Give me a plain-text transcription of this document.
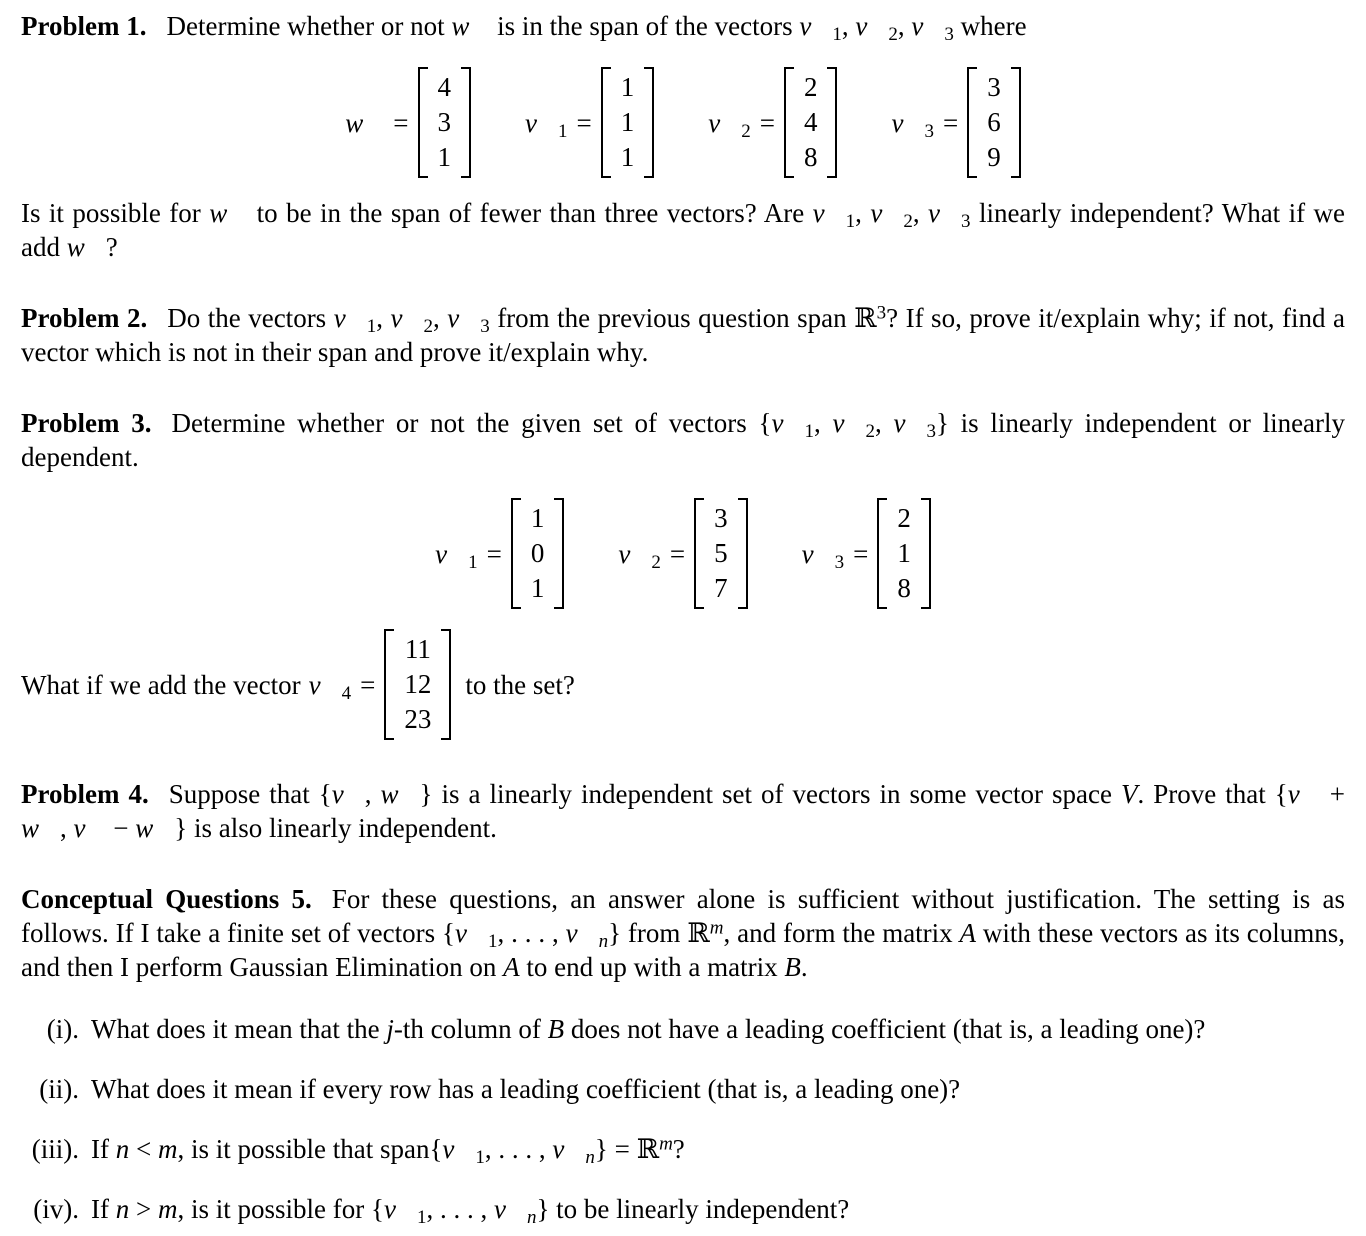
Problem 1. Determine whether or not w⃗ is in the span of the vectors $v⃗_1$, $v⃗_2$, $v⃗_3$ where

w⃗ =
4
3
1
$v⃗_1$ =
1
1
1
$v⃗_2$ =
2
4
8
$v⃗_3$ =
3
6
9

Is it possible for w⃗ to be in the span of fewer than three vectors? Are $v⃗_1$, $v⃗_2$, $v⃗_3$ linearly independent? What if we add w⃗?

Problem 2. Do the vectors $v⃗_1$, $v⃗_2$, $v⃗_3$ from the previous question span ℝ$^3$? If so, prove it/explain why; if not, find a vector which is not in their span and prove it/explain why.

Problem 3. Determine whether or not the given set of vectors {$v⃗_1$, $v⃗_2$, $v⃗_3$} is linearly independent or linearly dependent.

$v⃗_1$ =
1
0
1
$v⃗_2$ =
3
5
7
$v⃗_3$ =
2
1
8
What if we add the vector $v⃗_4$ =
11
12
23
to the set?

Problem 4. Suppose that {v⃗, w⃗} is a linearly independent set of vectors in some vector space V. Prove that {v⃗ + w⃗, v⃗ − w⃗} is also linearly independent.

Conceptual Questions 5. For these questions, an answer alone is sufficient without justification. The setting is as follows. If I take a finite set of vectors {$v⃗_1$, . . . , $v⃗_n$} from ℝ$^m$, and form the matrix A with these vectors as its columns, and then I perform Gaussian Elimination on A to end up with a matrix B.

(i). What does it mean that the j-th column of B does not have a leading coefficient (that is, a leading one)?
(ii). What does it mean if every row has a leading coefficient (that is, a leading one)?
(iii). If n < m, is it possible that $span\{v⃗_1$, . . . , $v⃗_n$} = ℝ$^m$?
(iv). If n > m, is it possible for {$v⃗_1$, . . . , $v⃗_n$} to be linearly independent?
